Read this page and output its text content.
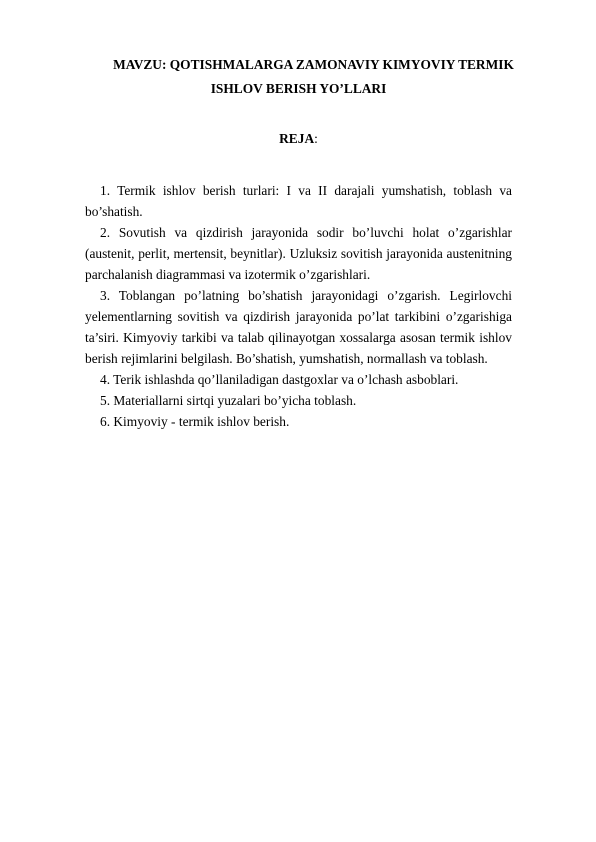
MAVZU: QOTISHMALARGA ZAMONAVIY KIMYOVIY TERMIK

ISHLOV BERISH YO’LLARI

REJA:

1. Termik ishlov berish turlari: I va II darajali yumshatish, toblash va bo’shatish.
2. Sovutish va qizdirish jarayonida sodir bo’luvchi holat o’zgarishlar (austenit, perlit, mertensit, beynitlar). Uzluksiz sovitish jarayonida austenitning parchalanish diagrammasi va izotermik o’zgarishlari.
3. Toblangan po’latning bo’shatish jarayonidagi o’zgarish. Legirlovchi yelementlarning sovitish va qizdirish jarayonida po’lat tarkibini o’zgarishiga ta’siri. Kimyoviy tarkibi va talab qilinayotgan xossalarga asosan termik ishlov berish rejimlarini belgilash. Bo’shatish, yumshatish, normallash va toblash.
4. Terik ishlashda qo’llaniladigan dastgoxlar va o’lchash asboblari.
5. Materiallarni sirtqi yuzalari bo’yicha toblash.
6. Kimyoviy - termik ishlov berish.
